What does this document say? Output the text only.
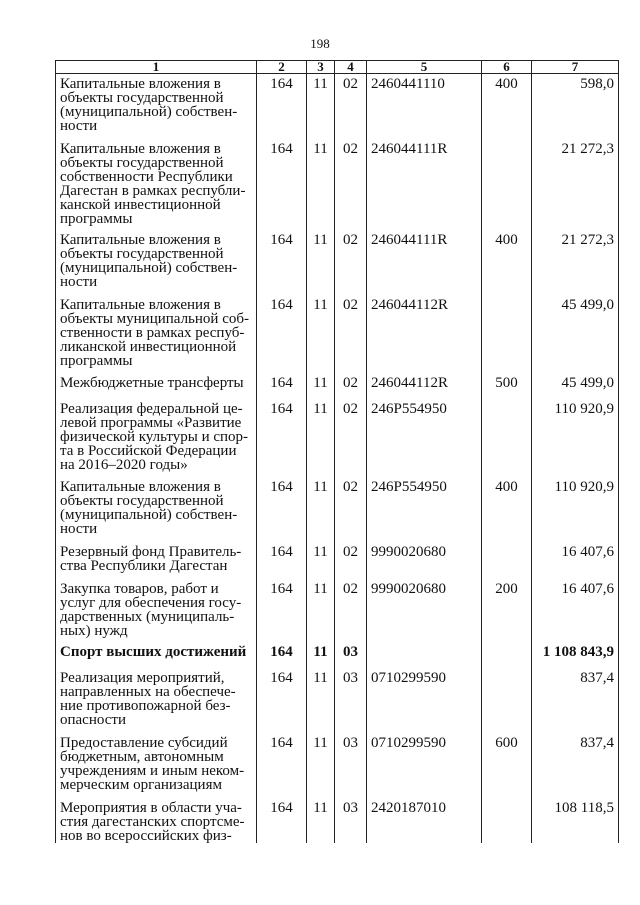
198
1	2	3	4	5	6	7
Капитальные вложения в объекты государственной (муниципальной) собствен-ности	164	11	02	2460441110	400	598,0
Капитальные вложения в объекты государственной собственности Республики Дагестан в рамках республи-канской инвестиционной программы	164	11	02	246044111R		21 272,3
Капитальные вложения в объекты государственной (муниципальной) собствен-ности	164	11	02	246044111R	400	21 272,3
Капитальные вложения в объекты муниципальной соб-ственности в рамках респуб-ликанской инвестиционной программы	164	11	02	246044112R		45 499,0
Межбюджетные трансферты	164	11	02	246044112R	500	45 499,0
Реализация федеральной це-левой программы «Развитие физической культуры и спор-та в Российской Федерации на 2016–2020 годы»	164	11	02	246P554950		110 920,9
Капитальные вложения в объекты государственной (муниципальной) собствен-ности	164	11	02	246P554950	400	110 920,9
Резервный фонд Правитель-ства Республики Дагестан	164	11	02	9990020680		16 407,6
Закупка товаров, работ и услуг для обеспечения госу-дарственных (муниципаль-ных) нужд	164	11	02	9990020680	200	16 407,6
Спорт высших достижений	164	11	03			1 108 843,9
Реализация мероприятий, направленных на обеспече-ние противопожарной без-опасности	164	11	03	0710299590		837,4
Предоставление субсидий бюджетным, автономным учреждениям и иным неком-мерческим организациям	164	11	03	0710299590	600	837,4
Мероприятия в области уча-стия дагестанских спортсме-нов во всероссийских физ-	164	11	03	2420187010		108 118,5
